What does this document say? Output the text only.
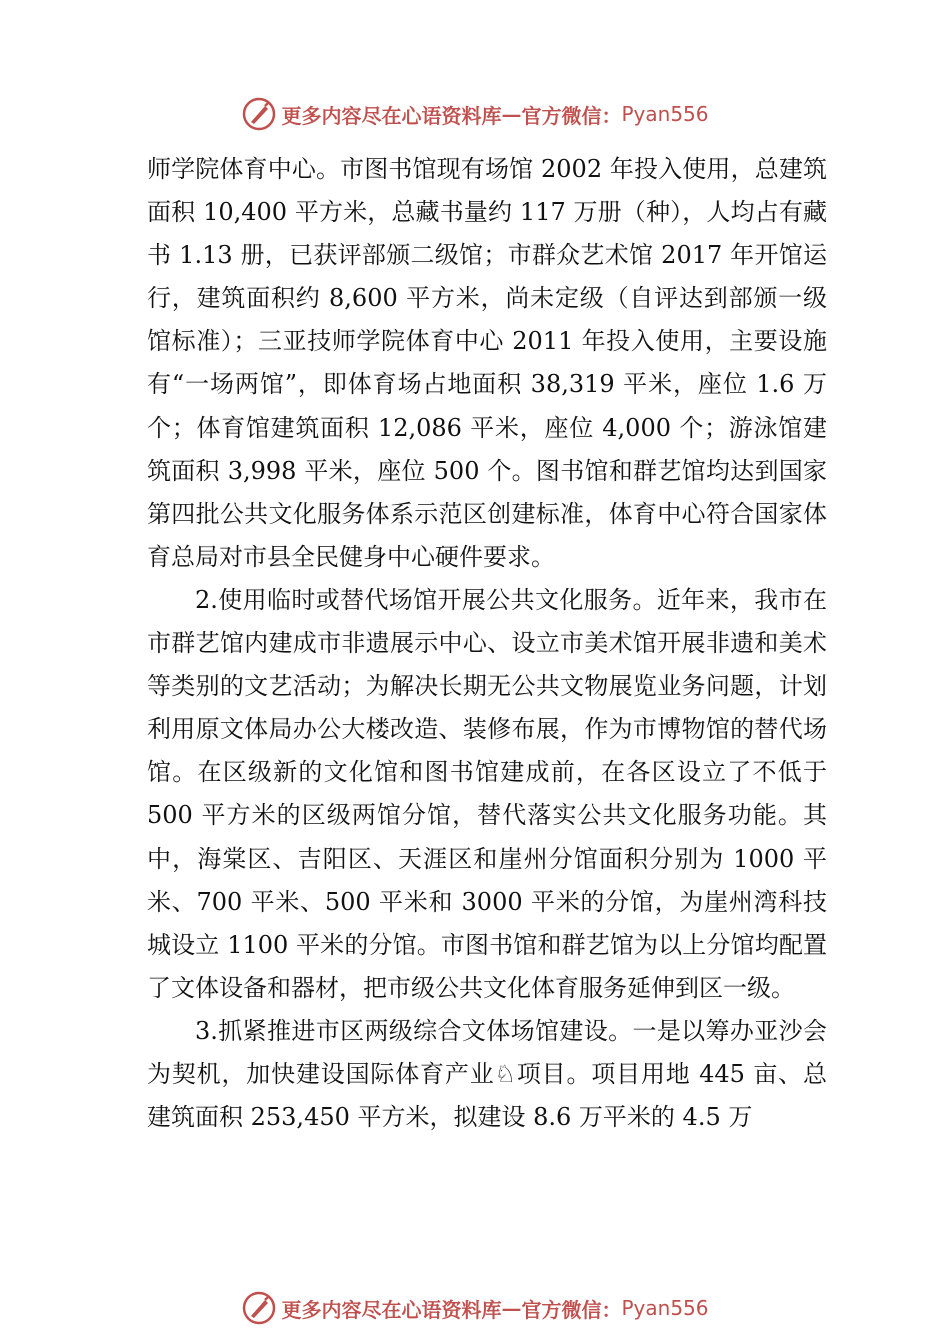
更多内容尽在心语资料库 — 官方微信： Pyan556

师学院体育中心。市图书馆现有场馆 2002 年投入使用，总建筑面积 10,400 平方米，总藏书量约 117 万册（种），人均占有藏书 1.13 册，已获评部颁二级馆；市群众艺术馆 2017 年开馆运行，建筑面积约 8,600 平方米，尚未定级（自评达到部颁一级馆标准）；三亚技师学院体育中心 2011 年投入使用，主要设施有“一场两馆”，即体育场占地面积 38,319 平米，座位 1.6 万个；体育馆建筑面积 12,086 平米，座位 4,000 个；游泳馆建筑面积 3,998 平米，座位 500 个。图书馆和群艺馆均达到国家第四批公共文化服务体系示范区创建标准，体育中心符合国家体育总局对市县全民健身中心硬件要求。

2.使用临时或替代场馆开展公共文化服务。近年来，我市在市群艺馆内建成市非遗展示中心、设立市美术馆开展非遗和美术等类别的文艺活动；为解决长期无公共文物展览业务问题，计划利用原文体局办公大楼改造、装修布展，作为市博物馆的替代场馆。在区级新的文化馆和图书馆建成前，在各区设立了不低于 500 平方米的区级两馆分馆，替代落实公共文化服务功能。其中，海棠区、吉阳区、天涯区和崖州分馆面积分别为 1000 平米、700 平米、500 平米和 3000 平米的分馆，为崖州湾科技城设立 1100 平米的分馆。市图书馆和群艺馆为以上分馆均配置了文体设备和器材，把市级公共文化体育服务延伸到区一级。

3.抓紧推进市区两级综合文体场馆建设。一是以筹办亚沙会为契机，加快建设国际体育产业♘项目。项目用地 445 亩、总建筑面积 253,450 平方米，拟建设 8.6 万平米的 4.5 万

更多内容尽在心语资料库 — 官方微信： Pyan556
